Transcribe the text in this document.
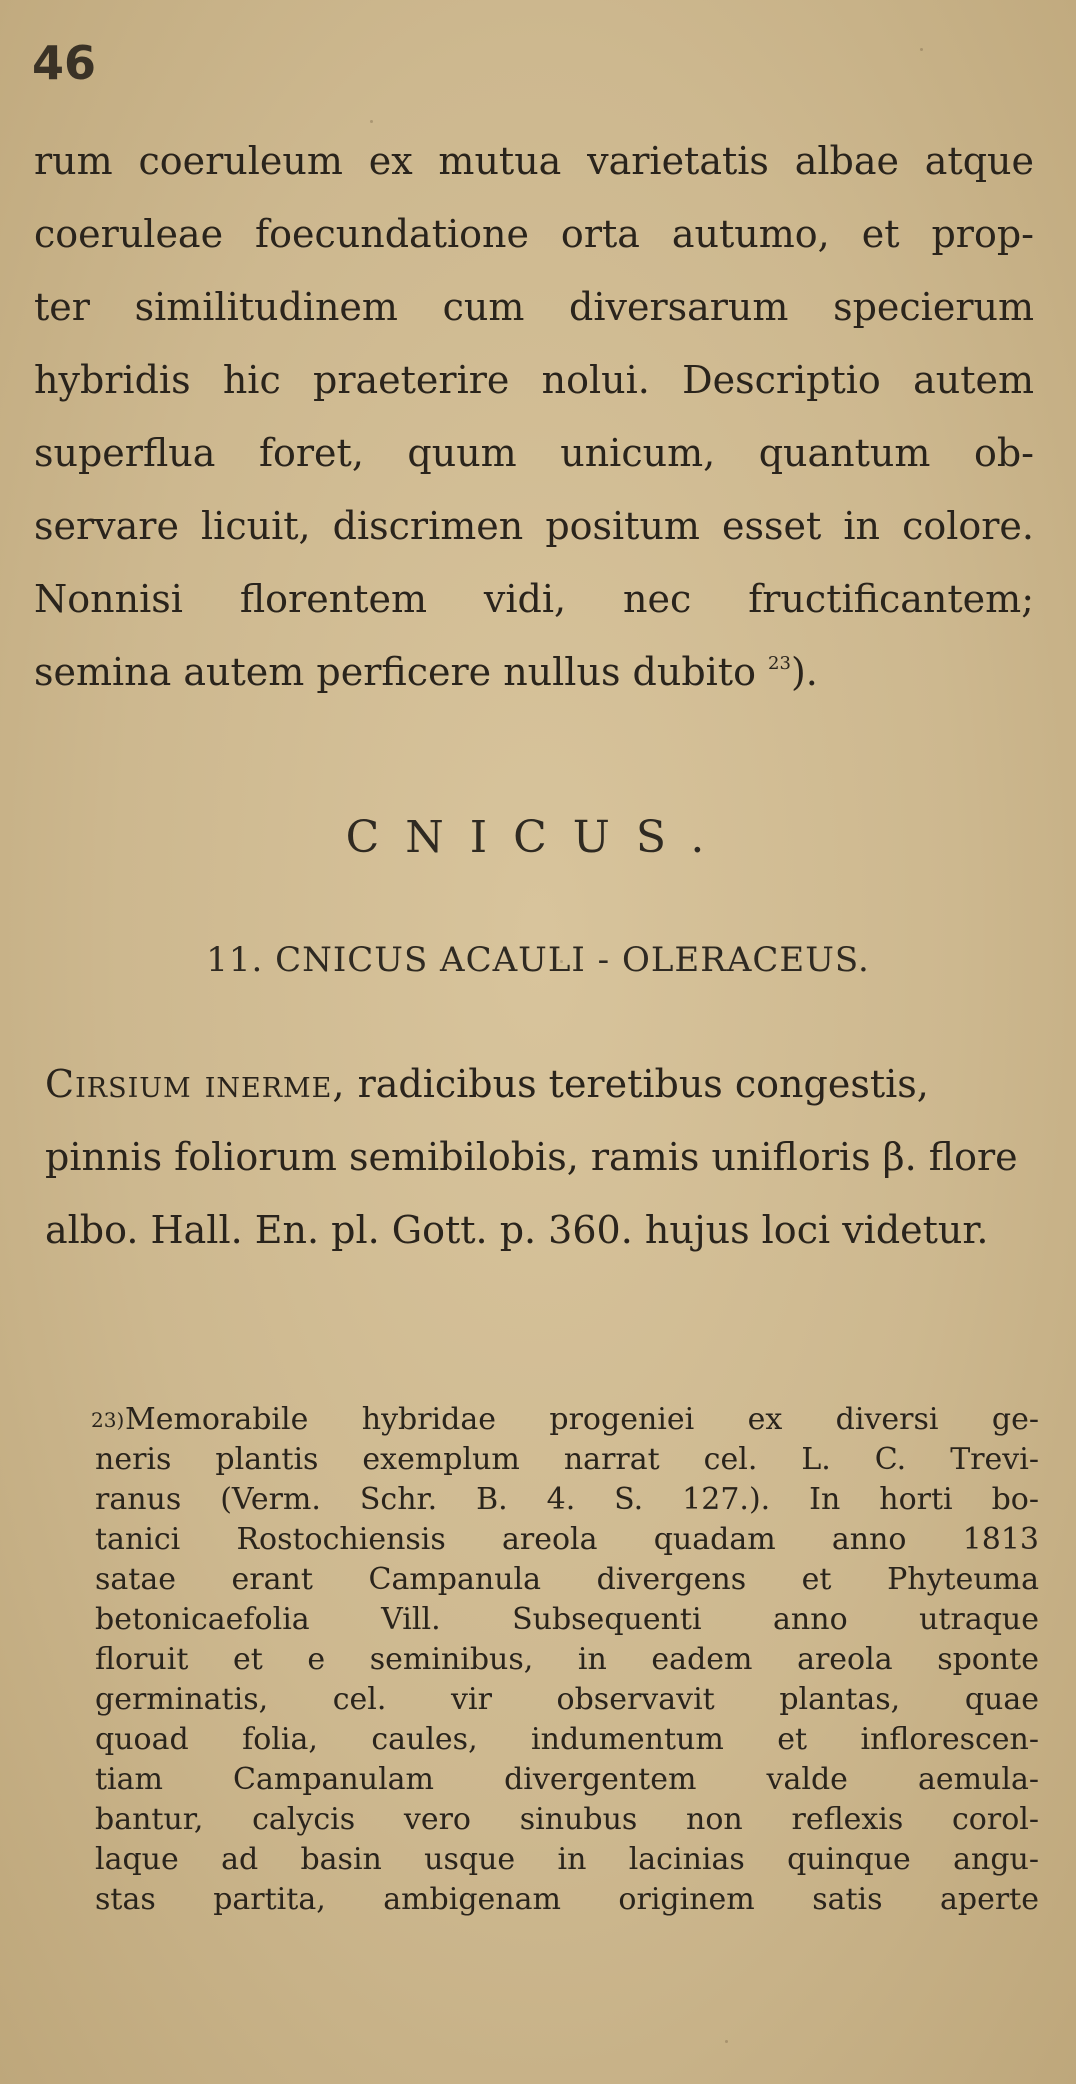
46
rum coeruleum ex mutua varietatis albae atque
coeruleae foecundatione orta autumo, et prop-
ter similitudinem cum diversarum specierum
hybridis hic praeterire nolui. Descriptio autem
superflua foret, quum unicum, quantum ob-
servare licuit, discrimen positum esset in colore.
Nonnisi florentem vidi, nec fructificantem;
semina autem perficere nullus dubito $^{23}$).
CNICUS.
11. CNICUS ACAULI - OLERACEUS.
Cirsium inerme, radicibus teretibus congestis, pinnis foliorum semibilobis, ramis unifloris β. flore albo. Hall. En. pl. Gott. p. 360. hujus loci videtur.
23) Memorabile hybridae progeniei ex diversi ge-
neris plantis exemplum narrat cel. L. C. Trevi-
ranus (Verm. Schr. B. 4. S. 127.). In horti bo-
tanici Rostochiensis areola quadam anno 1813
satae erant Campanula divergens et Phyteuma
betonicaefolia Vill. Subsequenti anno utraque
floruit et e seminibus, in eadem areola sponte
germinatis, cel. vir observavit plantas, quae
quoad folia, caules, indumentum et inflorescen-
tiam Campanulam divergentem valde aemula-
bantur, calycis vero sinubus non reflexis corol-
laque ad basin usque in lacinias quinque angu-
stas partita, ambigenam originem satis aperte
